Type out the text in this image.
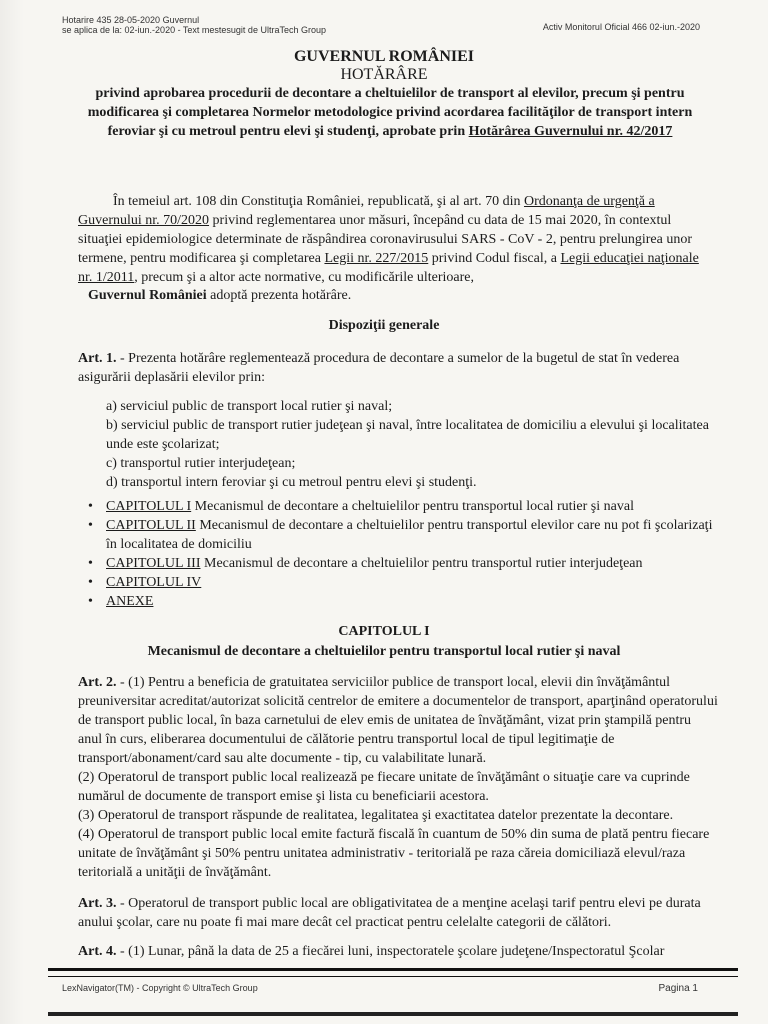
Hotarire 435 28-05-2020 Guvernul
se aplica de la: 02-iun.-2020 - Text mestesugit de UltraTech Group	Activ Monitorul Oficial 466 02-iun.-2020
GUVERNUL ROMÂNIEI
HOTĂRÂRE
privind aprobarea procedurii de decontare a cheltuielilor de transport al elevilor, precum şi pentru modificarea şi completarea Normelor metodologice privind acordarea facilităţilor de transport intern feroviar şi cu metroul pentru elevi şi studenţi, aprobate prin Hotărârea Guvernului nr. 42/2017
În temeiul art. 108 din Constituţia României, republicată, şi al art. 70 din Ordonanţa de urgenţă a Guvernului nr. 70/2020 privind reglementarea unor măsuri, începând cu data de 15 mai 2020, în contextul situaţiei epidemiologice determinate de răspândirea coronavirusului SARS - CoV - 2, pentru prelungirea unor termene, pentru modificarea şi completarea Legii nr. 227/2015 privind Codul fiscal, a Legii educaţiei naţionale nr. 1/2011, precum şi a altor acte normative, cu modificările ulterioare,
Guvernul României adoptă prezenta hotărâre.
Dispoziţii generale
Art. 1. - Prezenta hotărâre reglementează procedura de decontare a sumelor de la bugetul de stat în vederea asigurării deplasării elevilor prin:
a) serviciul public de transport local rutier şi naval;
b) serviciul public de transport rutier judeţean şi naval, între localitatea de domiciliu a elevului şi localitatea unde este şcolarizat;
c) transportul rutier interjudeţean;
d) transportul intern feroviar şi cu metroul pentru elevi şi studenţi.
• CAPITOLUL I Mecanismul de decontare a cheltuielilor pentru transportul local rutier şi naval
• CAPITOLUL II Mecanismul de decontare a cheltuielilor pentru transportul elevilor care nu pot fi şcolarizaţi în localitatea de domiciliu
• CAPITOLUL III Mecanismul de decontare a cheltuielilor pentru transportul rutier interjudeţean
• CAPITOLUL IV
• ANEXE
CAPITOLUL I
Mecanismul de decontare a cheltuielilor pentru transportul local rutier şi naval
Art. 2. - (1) Pentru a beneficia de gratuitatea serviciilor publice de transport local, elevii din învăţământul preuniversitar acreditat/autorizat solicită centrelor de emitere a documentelor de transport, aparţinând operatorului de transport public local, în baza carnetului de elev emis de unitatea de învăţământ, vizat prin ştampilă pentru anul în curs, eliberarea documentului de călătorie pentru transportul local de tipul legitimaţie de transport/abonament/card sau alte documente - tip, cu valabilitate lunară.
(2) Operatorul de transport public local realizează pe fiecare unitate de învăţământ o situaţie care va cuprinde numărul de documente de transport emise şi lista cu beneficiarii acestora.
(3) Operatorul de transport răspunde de realitatea, legalitatea şi exactitatea datelor prezentate la decontare.
(4) Operatorul de transport public local emite factură fiscală în cuantum de 50% din suma de plată pentru fiecare unitate de învăţământ şi 50% pentru unitatea administrativ - teritorială pe raza căreia domiciliază elevul/raza teritorială a unităţii de învăţământ.
Art. 3. - Operatorul de transport public local are obligativitatea de a menţine acelaşi tarif pentru elevi pe durata anului şcolar, care nu poate fi mai mare decât cel practicat pentru celelalte categorii de călători.
Art. 4. - (1) Lunar, până la data de 25 a fiecărei luni, inspectoratele şcolare judeţene/Inspectoratul Şcolar
LexNavigator(TM) - Copyright © UltraTech Group	Pagina 1
